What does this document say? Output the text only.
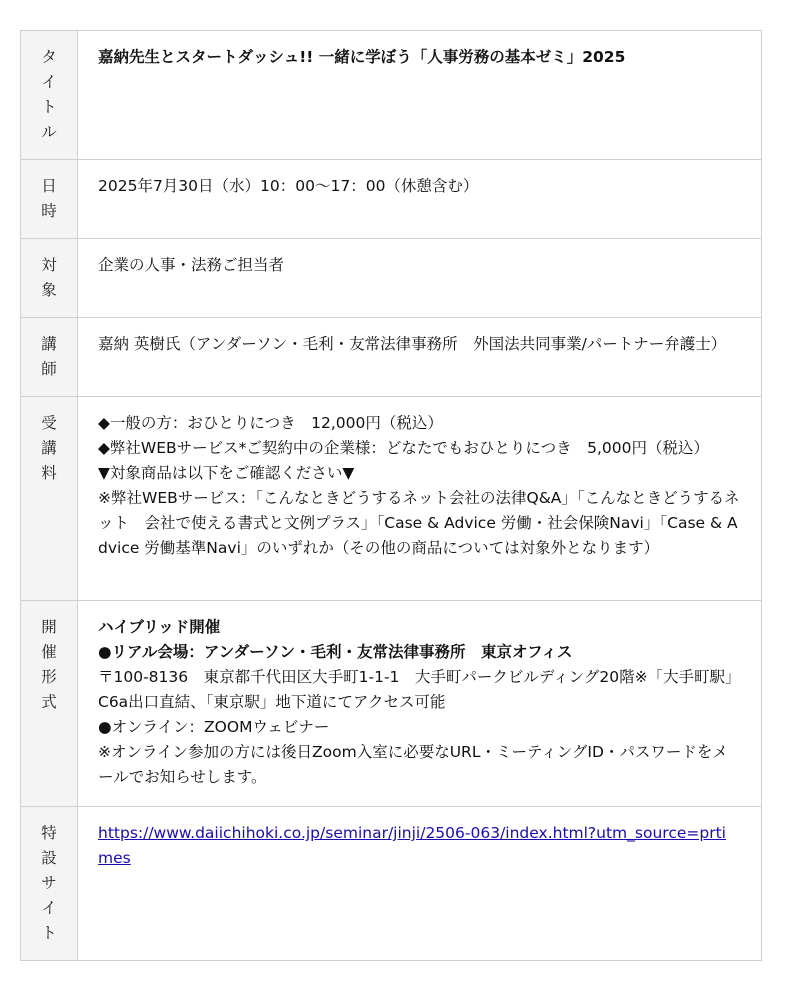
タイトル	嘉納先生とスタートダッシュ!! 一緒に学ぼう「人事労務の基本ゼミ」2025

日時	2025年7月30日（水）10：00〜17：00（休憩含む）

対象	企業の人事・法務ご担当者

講師	嘉納 英樹氏（アンダーソン・毛利・友常法律事務所　外国法共同事業/パートナー弁護士）

受講料	◆一般の方：おひとりにつき　12,000円（税込）
◆弊社WEBサービス*ご契約中の企業様：どなたでもおひとりにつき　5,000円（税込）
▼対象商品は以下をご確認ください▼
※弊社WEBサービス：「こんなときどうするネット会社の法律Q&A」「こんなときどうするネット　会社で使える書式と文例プラス」「Case & Advice 労働・社会保険Navi」「Case & Advice 労働基準Navi」のいずれか（その他の商品については対象外となります）

開催形式	ハイブリッド開催
●リアル会場：アンダーソン・毛利・友常法律事務所　東京オフィス
〒100-8136　東京都千代田区大手町1-1-1　大手町パークビルディング20階※「大手町駅」C6a出口直結、「東京駅」地下道にてアクセス可能
●オンライン：ZOOMウェビナー
※オンライン参加の方には後日Zoom入室に必要なURL・ミーティングID・パスワードをメールでお知らせします。

特設サイト	https://www.daiichihoki.co.jp/seminar/jinji/2506-063/index.html?utm_source=prtimes
